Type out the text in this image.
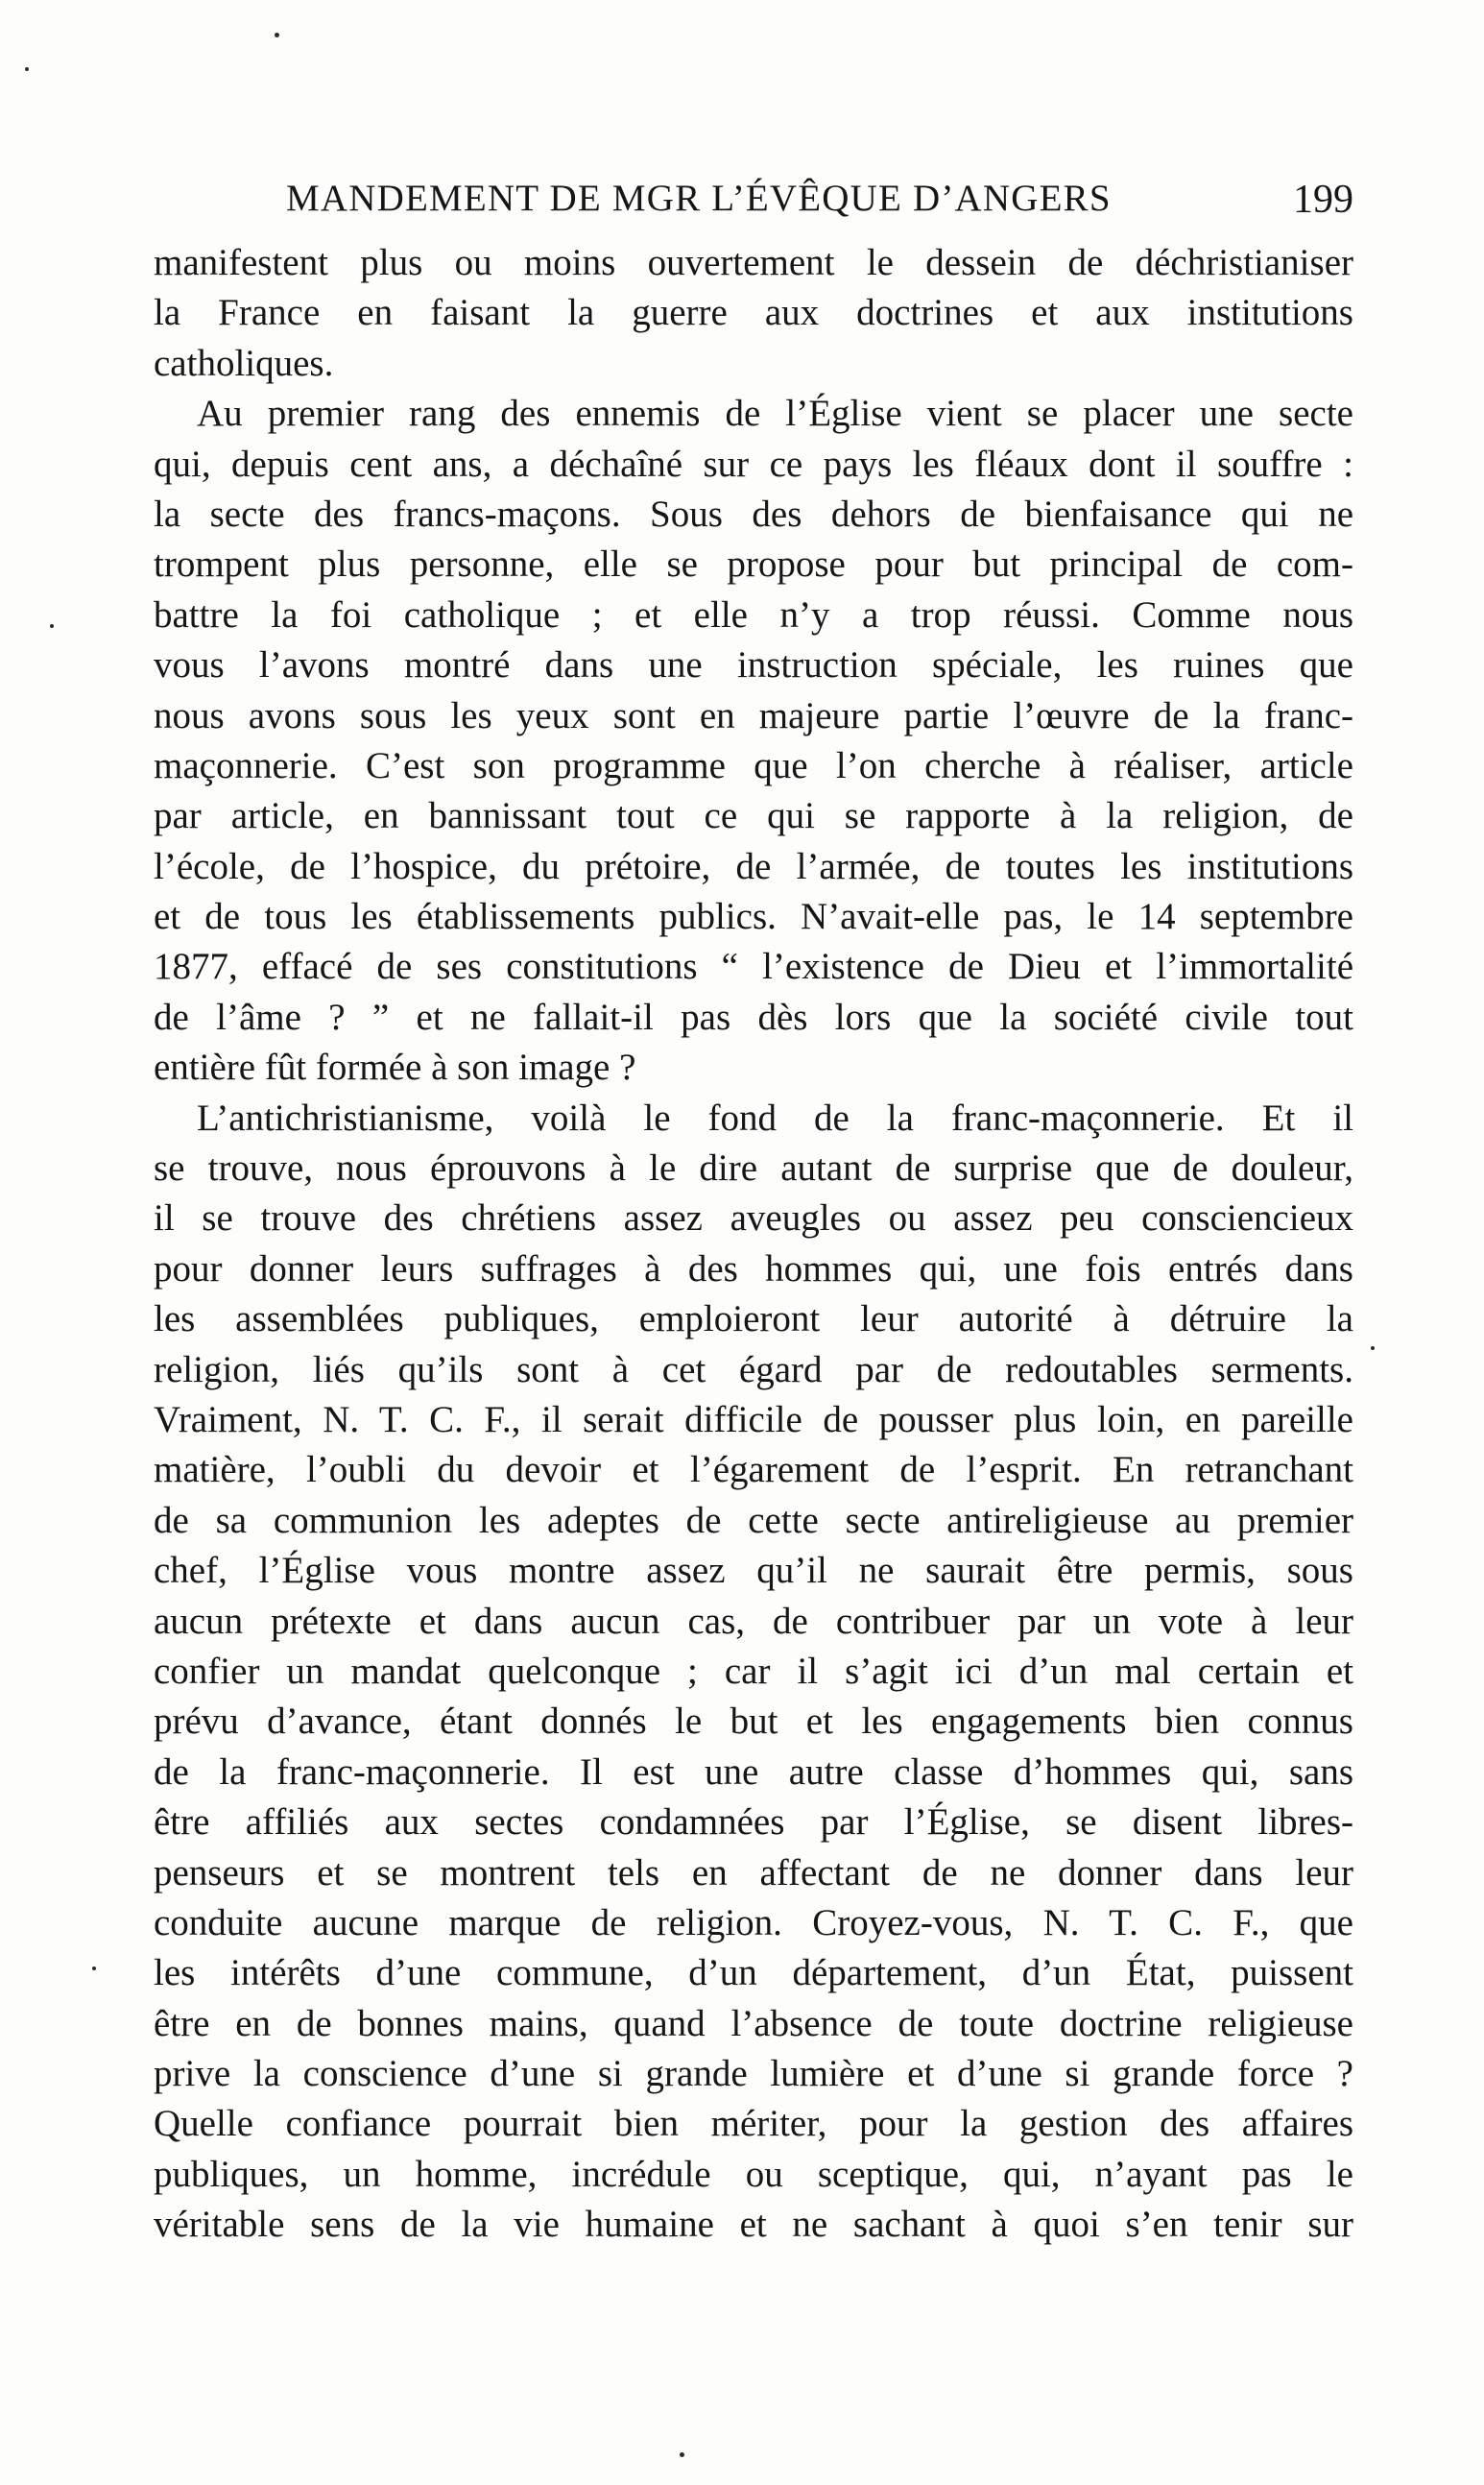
MANDEMENT DE MGR L’ÉVÊQUE D’ANGERS	199
manifestent plus ou moins ouvertement le dessein de déchristianiser
la France en faisant la guerre aux doctrines et aux institutions
catholiques.
Au premier rang des ennemis de l’Église vient se placer une secte
qui, depuis cent ans, a déchaîné sur ce pays les fléaux dont il souffre :
la secte des francs-maçons. Sous des dehors de bienfaisance qui ne
trompent plus personne, elle se propose pour but principal de com-
battre la foi catholique ; et elle n’y a trop réussi. Comme nous
vous l’avons montré dans une instruction spéciale, les ruines que
nous avons sous les yeux sont en majeure partie l’œuvre de la franc-
maçonnerie. C’est son programme que l’on cherche à réaliser, article
par article, en bannissant tout ce qui se rapporte à la religion, de
l’école, de l’hospice, du prétoire, de l’armée, de toutes les institutions
et de tous les établissements publics. N’avait-elle pas, le 14 septembre
1877, effacé de ses constitutions “ l’existence de Dieu et l’immortalité
de l’âme ? ” et ne fallait-il pas dès lors que la société civile tout
entière fût formée à son image ?
L’antichristianisme, voilà le fond de la franc-maçonnerie. Et il
se trouve, nous éprouvons à le dire autant de surprise que de douleur,
il se trouve des chrétiens assez aveugles ou assez peu consciencieux
pour donner leurs suffrages à des hommes qui, une fois entrés dans
les assemblées publiques, emploieront leur autorité à détruire la
religion, liés qu’ils sont à cet égard par de redoutables serments.
Vraiment, N. T. C. F., il serait difficile de pousser plus loin, en pareille
matière, l’oubli du devoir et l’égarement de l’esprit. En retranchant
de sa communion les adeptes de cette secte antireligieuse au premier
chef, l’Église vous montre assez qu’il ne saurait être permis, sous
aucun prétexte et dans aucun cas, de contribuer par un vote à leur
confier un mandat quelconque ; car il s’agit ici d’un mal certain et
prévu d’avance, étant donnés le but et les engagements bien connus
de la franc-maçonnerie. Il est une autre classe d’hommes qui, sans
être affiliés aux sectes condamnées par l’Église, se disent libres-
penseurs et se montrent tels en affectant de ne donner dans leur
conduite aucune marque de religion. Croyez-vous, N. T. C. F., que
les intérêts d’une commune, d’un département, d’un État, puissent
être en de bonnes mains, quand l’absence de toute doctrine religieuse
prive la conscience d’une si grande lumière et d’une si grande force ?
Quelle confiance pourrait bien mériter, pour la gestion des affaires
publiques, un homme, incrédule ou sceptique, qui, n’ayant pas le
véritable sens de la vie humaine et ne sachant à quoi s’en tenir sur
